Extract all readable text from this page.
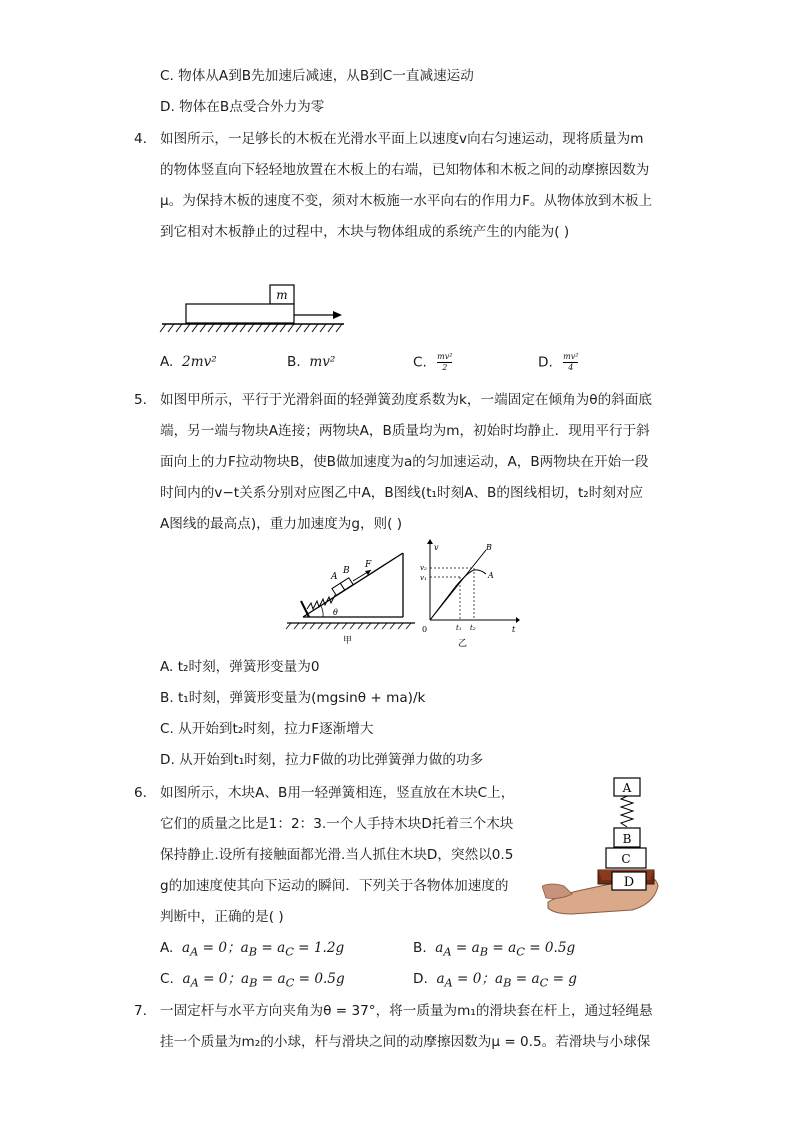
C. 物体从A到B先加速后减速，从B到C一直减速运动
D. 物体在B点受合外力为零
4. 如图所示，一足够长的木板在光滑水平面上以速度v向右匀速运动，现将质量为m
的物体竖直向下轻轻地放置在木板上的右端，已知物体和木板之间的动摩擦因数为
μ。为保持木板的速度不变，须对木板施一水平向右的作用力F。从物体放到木板上
到它相对木板静止的过程中，木块与物体组成的系统产生的内能为( )
m
A. 2mv²	B. mv²	C. $\frac{\text{mv²}}{2}$	D. $\frac{\text{mv²}}{4}$
5. 如图甲所示，平行于光滑斜面的轻弹簧劲度系数为k，一端固定在倾角为θ的斜面底
端，另一端与物块A连接；两物块A，B质量均为m，初始时均静止．现用平行于斜
面向上的力F拉动物块B，使B做加速度为a的匀加速运动，A，B两物块在开始一段
时间内的v−t关系分别对应图乙中A，B图线(t₁时刻A、B的图线相切，t₂时刻对应
A图线的最高点)，重力加速度为g，则( )
A
B
F
θ
甲
v
t
0
v₂
v₁
t₁ t₂
B
A
乙
A. t₂时刻，弹簧形变量为0
B. t₁时刻，弹簧形变量为(mgsinθ + ma)/k
C. 从开始到t₂时刻，拉力F逐渐增大
D. 从开始到t₁时刻，拉力F做的功比弹簧弹力做的功多
6. 如图所示，木块A、B用一轻弹簧相连，竖直放在木块C上，
它们的质量之比是1：2：3.一个人手持木块D托着三个木块
保持静止.设所有接触面都光滑.当人抓住木块D，突然以0.5
g的加速度使其向下运动的瞬间．下列关于各物体加速度的
判断中，正确的是( )
D
C
B
A
A.  $a_A = 0$；$a_B = a_C = 1.2g$	B.  $a_A = a_B = a_C = 0.5g$
C.  $a_A = 0$；$a_B = a_C = 0.5g$	D.  $a_A = 0$；$a_B = a_C = g$
7. 一固定杆与水平方向夹角为θ = 37°，将一质量为m₁的滑块套在杆上，通过轻绳悬
挂一个质量为m₂的小球，杆与滑块之间的动摩擦因数为μ = 0.5。若滑块与小球保
